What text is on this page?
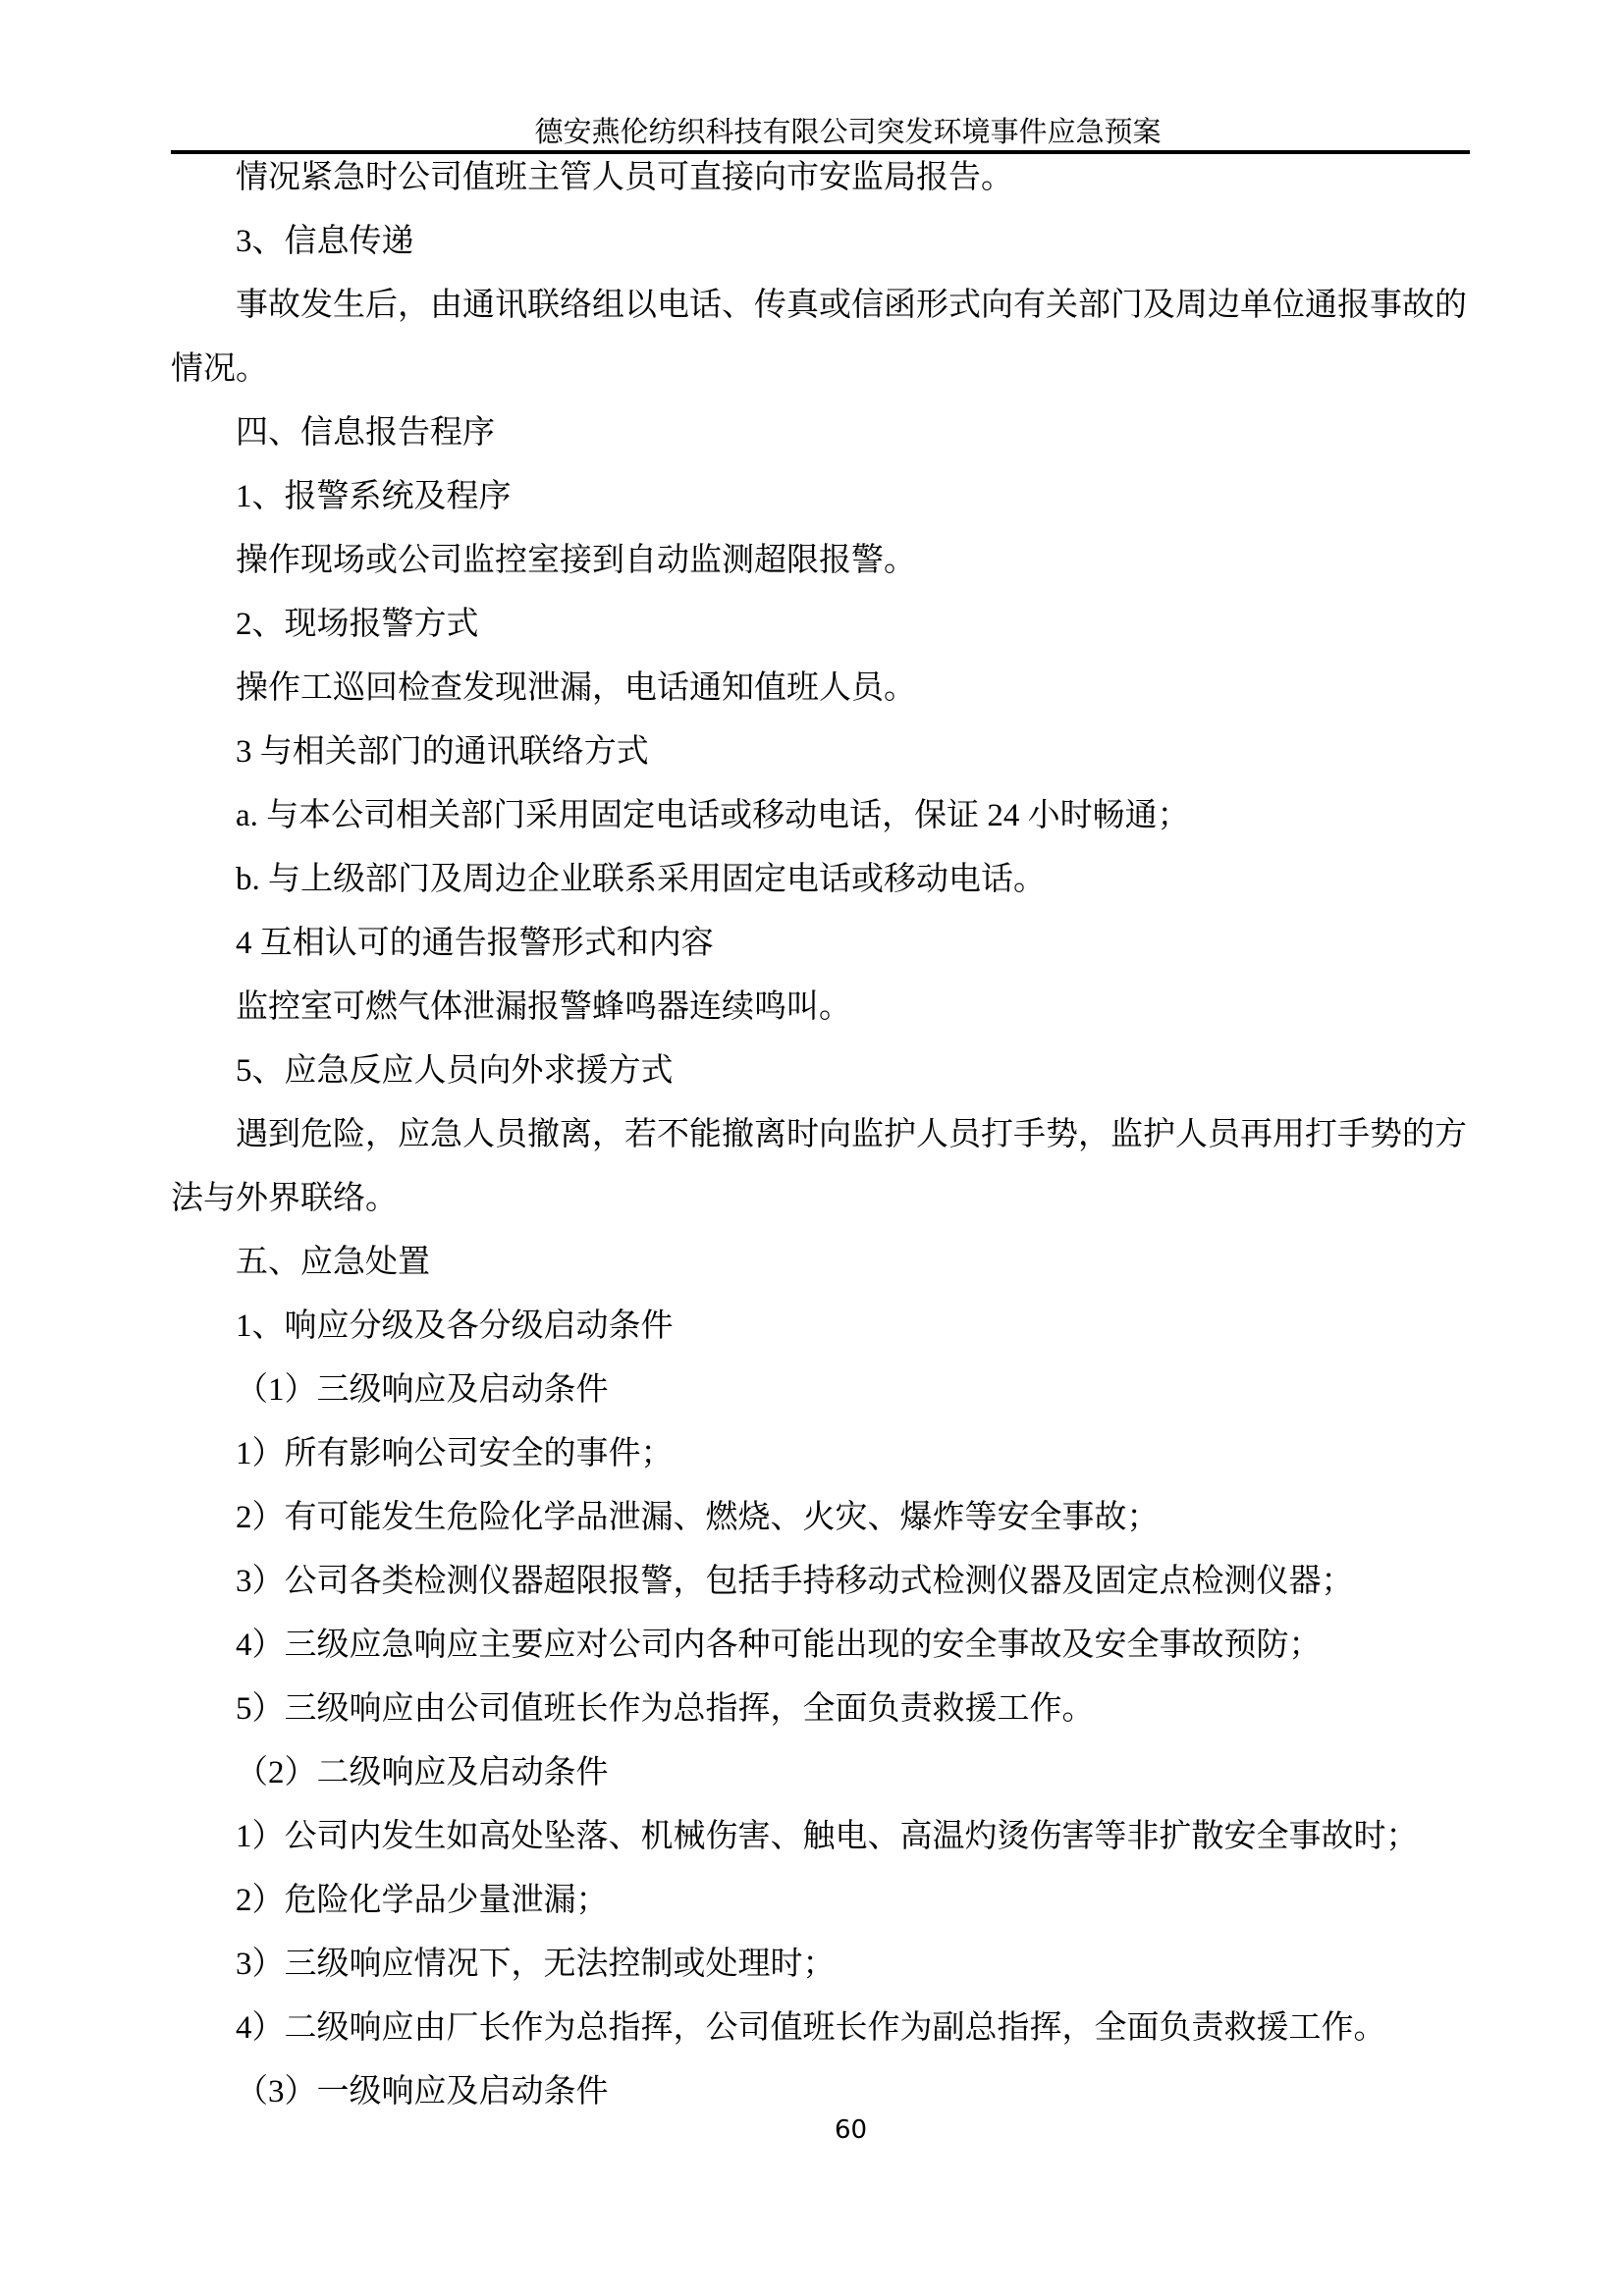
德安燕伦纺织科技有限公司突发环境事件应急预案
情况紧急时公司值班主管人员可直接向市安监局报告。
3、信息传递
事故发生后，由通讯联络组以电话、传真或信函形式向有关部门及周边单位通报事故的
情况。
四、信息报告程序
1、报警系统及程序
操作现场或公司监控室接到自动监测超限报警。
2、现场报警方式
操作工巡回检查发现泄漏，电话通知值班人员。
3 与相关部门的通讯联络方式
a. 与本公司相关部门采用固定电话或移动电话，保证 24 小时畅通；
b. 与上级部门及周边企业联系采用固定电话或移动电话。
4 互相认可的通告报警形式和内容
监控室可燃气体泄漏报警蜂鸣器连续鸣叫。
5、应急反应人员向外求援方式
遇到危险，应急人员撤离，若不能撤离时向监护人员打手势，监护人员再用打手势的方
法与外界联络。
五、应急处置
1、响应分级及各分级启动条件
（1）三级响应及启动条件
1）所有影响公司安全的事件；
2）有可能发生危险化学品泄漏、燃烧、火灾、爆炸等安全事故；
3）公司各类检测仪器超限报警，包括手持移动式检测仪器及固定点检测仪器；
4）三级应急响应主要应对公司内各种可能出现的安全事故及安全事故预防；
5）三级响应由公司值班长作为总指挥，全面负责救援工作。
（2）二级响应及启动条件
1）公司内发生如高处坠落、机械伤害、触电、高温灼烫伤害等非扩散安全事故时；
2）危险化学品少量泄漏；
3）三级响应情况下，无法控制或处理时；
4）二级响应由厂长作为总指挥，公司值班长作为副总指挥，全面负责救援工作。
（3）一级响应及启动条件
60
